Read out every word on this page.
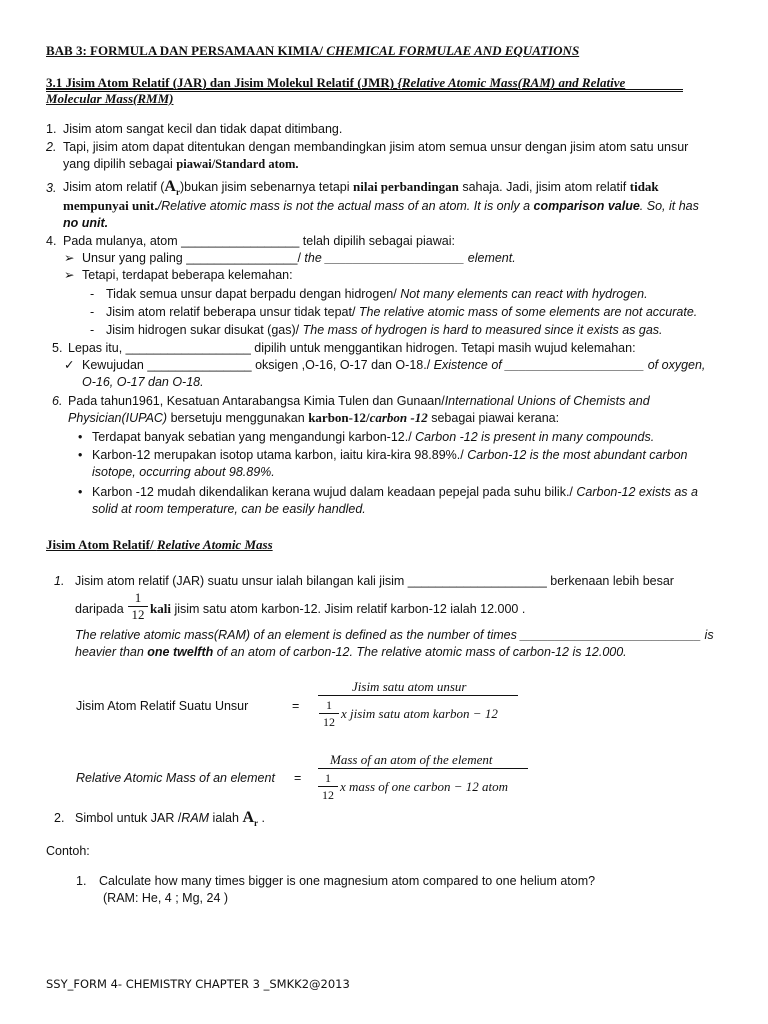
BAB 3: FORMULA DAN PERSAMAAN KIMIA/ CHEMICAL FORMULAE AND EQUATIONS
3.1 Jisim Atom Relatif (JAR) dan Jisim Molekul Relatif (JMR) {Relative Atomic Mass(RAM) and Relative
Molecular Mass(RMM)
1. Jisim atom sangat kecil dan tidak dapat ditimbang.
2. Tapi, jisim atom dapat ditentukan dengan membandingkan jisim atom semua unsur dengan jisim atom satu unsur
yang dipilih sebagai piawai/Standard atom.
3. Jisim atom relatif $(A_r)bukan$ jisim sebenarnya tetapi nilai perbandingan sahaja. Jadi, jisim atom relatif tidak
mempunyai unit./Relative atomic mass is not the actual mass of an atom. It is only a comparison value. So, it has
no unit.
4. Pada mulanya, atom _________________ telah dipilih sebagai piawai:
➢ Unsur yang paling ________________/ the ____________________ element.
➢ Tetapi, terdapat beberapa kelemahan:
- Tidak semua unsur dapat berpadu dengan hidrogen/ Not many elements can react with hydrogen.
- Jisim atom relatif beberapa unsur tidak tepat/ The relative atomic mass of some elements are not accurate.
- Jisim hidrogen sukar disukat (gas)/ The mass of hydrogen is hard to measured since it exists as gas.
5. Lepas itu, __________________ dipilih untuk menggantikan hidrogen. Tetapi masih wujud kelemahan:
✓ Kewujudan _______________ oksigen ,O-16, O-17 dan O-18./ Existence of ____________________ of oxygen,
O-16, O-17 dan O-18.
6. Pada tahun1961, Kesatuan Antarabangsa Kimia Tulen dan Gunaan/International Unions of Chemists and
Physician(IUPAC) bersetuju menggunakan karbon-12/carbon -12 sebagai piawai kerana:
• Terdapat banyak sebatian yang mengandungi karbon-12./ Carbon -12 is present in many compounds.
• Karbon-12 merupakan isotop utama karbon, iaitu kira-kira 98.89%./ Carbon-12 is the most abundant carbon
isotope, occurring about 98.89%.
• Karbon -12 mudah dikendalikan kerana wujud dalam keadaan pepejal pada suhu bilik./ Carbon-12 exists as a
solid at room temperature, can be easily handled.
Jisim Atom Relatif/ Relative Atomic Mass
1. Jisim atom relatif (JAR) suatu unsur ialah bilangan kali jisim ____________________ berkenaan lebih besar
daripada $\frac{1}{12}$ kali jisim satu atom karbon-12. Jisim relatif karbon-12 ialah 12.000 .
The relative atomic mass(RAM) of an element is defined as the number of times __________________________ is
heavier than one twelfth of an atom of carbon-12. The relative atomic mass of carbon-12 is 12.000.
Jisim Atom Relatif Suatu Unsur	=
Jisim satu atom unsur
$\frac{1}{12}$ x jisim satu atom karbon − 12
Relative Atomic Mass of an element =
Mass of an atom of the element
$\frac{1}{12}$ x mass of one carbon − 12 atom
2. Simbol untuk JAR /RAM ialah $A_r$ .
Contoh:
1. Calculate how many times bigger is one magnesium atom compared to one helium atom?
(RAM: He, 4 ; Mg, 24 )
SSY_FORM 4- CHEMISTRY CHAPTER 3 _SMKK2@2013
